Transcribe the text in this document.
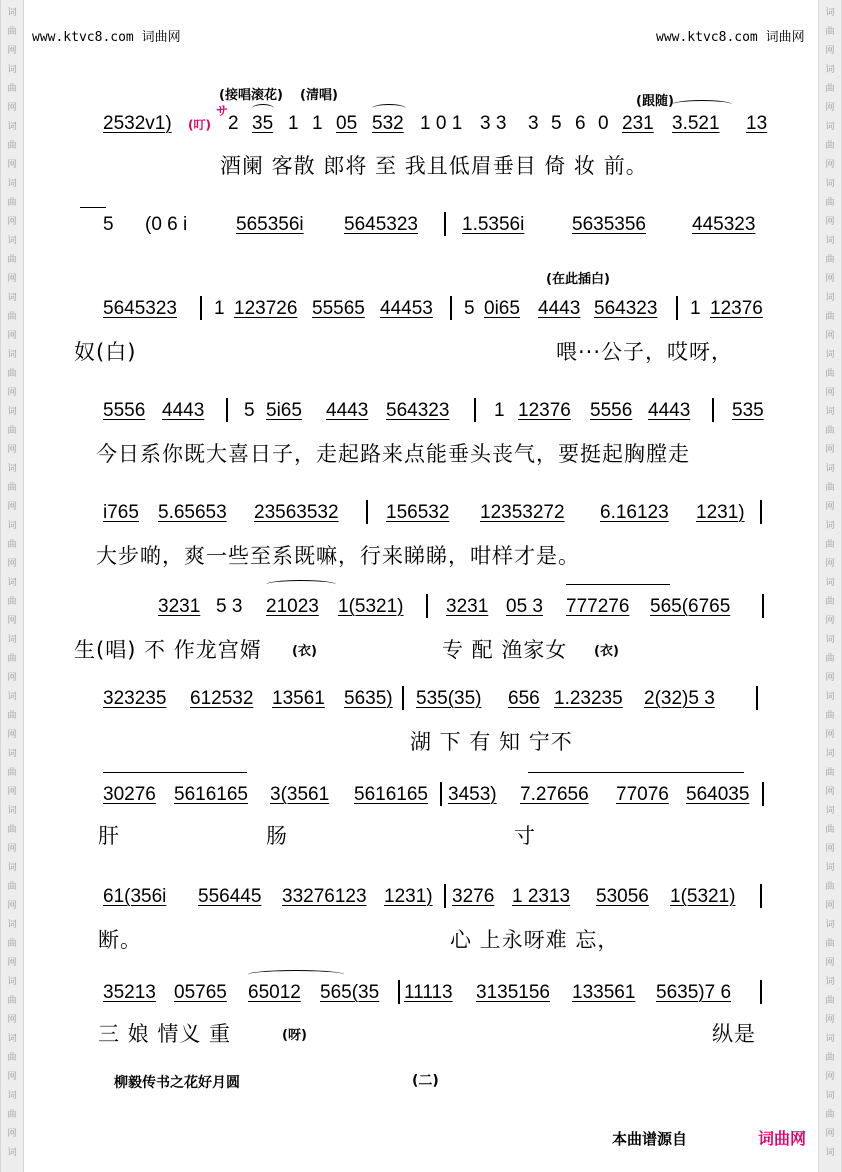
词
曲
网
词
曲
网
词
曲
网
词
曲
网
词
曲
网
词
曲
网
词
曲
网
词
曲
网
词
曲
网
词
曲
网
词
曲
网
词
曲
网
词
曲
网
词
曲
网
词
曲
网
词
曲
网
词
曲
网
词
曲
网
词
曲
网
词
曲
网
词
词
曲
网
词
曲
网
词
曲
网
词
曲
网
词
曲
网
词
曲
网
词
曲
网
词
曲
网
词
曲
网
词
曲
网
词
曲
网
词
曲
网
词
曲
网
词
曲
网
词
曲
网
词
曲
网
词
曲
网
词
曲
网
词
曲
网
词
曲
网
词
www.ktvc8.com 词曲网	www.ktvc8.com 词曲网
(接唱滚花) (清唱)	(跟随)
(叮)
サ
2532v1)	2 35 1 1 05 532 1 0 1 3 3 3 5 6 0 231 3.521 13
酒阑 客散 郎将 至 我且低眉垂目 倚 妆 前。
5 (0 6 i	565356i 5645323 1.5356i	5635356 445323
(在此插白)
5645323 1 123726 55565 44453 5 0i65 4443 564323 1 12376
奴(白)	喂···公子，哎呀，
5556 4443 5 5i65 4443 564323 1 12376 5556 4443 535
今日系你既大喜日子，走起路来点能垂头丧气，要挺起胸膛走
i765 5.65653 23563532 156532 12353272 6.16123 1231)
大步啲，爽一些至系既嘛，行来睇睇，咁样才是。
3231 5 3 21023 1(5321) 3231 05 3 777276 565(6765
生(唱) 不 作龙宫婿 (衣)	专 配 渔家女 (衣)
323235 612532 13561 5635) 535(35) 656 1.23235 2(32)5 3
湖 下 有 知 宁不
30276 5616165 3(3561 5616165 3453) 7.27656 77076 564035
肝	肠	寸
61(356i 556445 33276123 1231) 3276 1 2313 53056 1(5321)
断。	心 上永呀难 忘，
35213 05765 65012 565(35 11113 3135156 133561 5635)7 6
三 娘 情义 重	(呀)	纵是
柳毅传书之花好月圆	(二)
本曲谱源自	词曲网
